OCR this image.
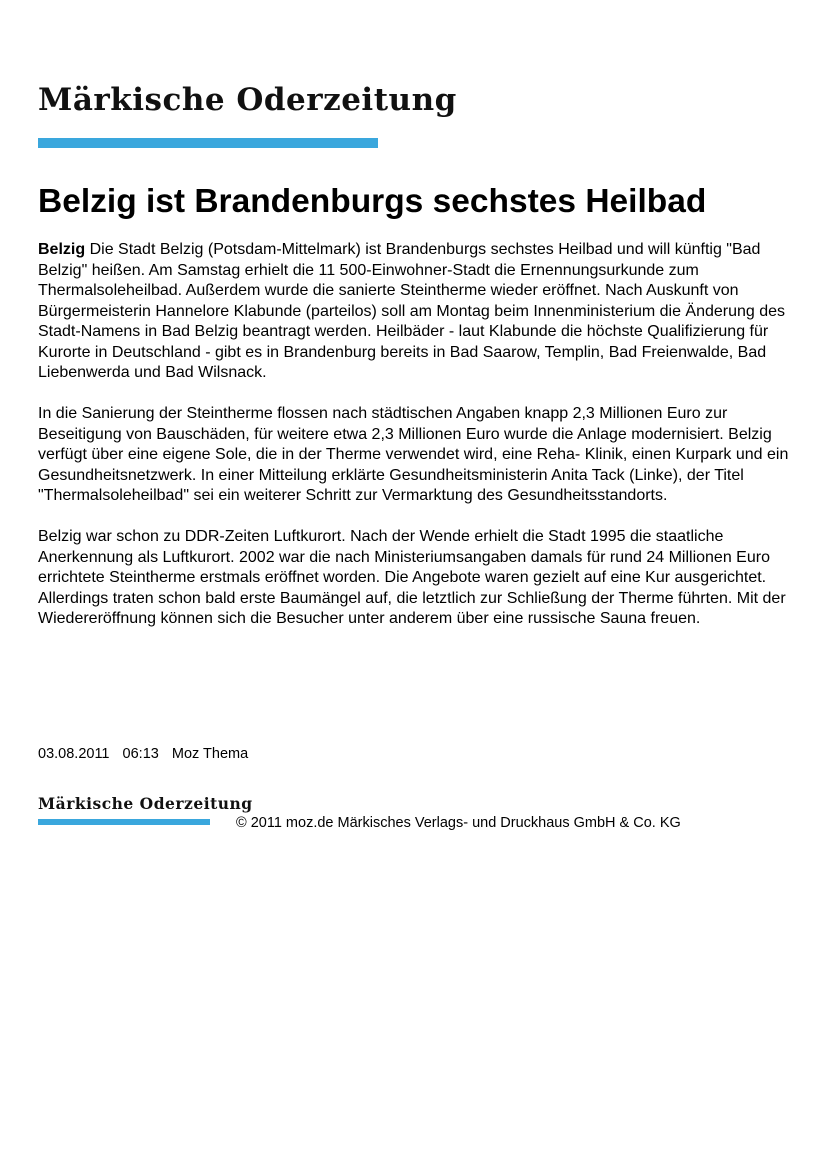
Märkische Oderzeitung
Belzig ist Brandenburgs sechstes Heilbad

Belzig Die Stadt Belzig (Potsdam-Mittelmark) ist Brandenburgs sechstes Heilbad und will künftig "Bad Belzig" heißen. Am Samstag erhielt die 11 500-Einwohner-Stadt die Ernennungsurkunde zum Thermalsoleheilbad. Außerdem wurde die sanierte Steintherme wieder eröffnet. Nach Auskunft von Bürgermeisterin Hannelore Klabunde (parteilos) soll am Montag beim Innenministerium die Änderung des Stadt-Namens in Bad Belzig beantragt werden. Heilbäder - laut Klabunde die höchste Qualifizierung für Kurorte in Deutschland - gibt es in Brandenburg bereits in Bad Saarow, Templin, Bad Freienwalde, Bad Liebenwerda und Bad Wilsnack.

In die Sanierung der Steintherme flossen nach städtischen Angaben knapp 2,3 Millionen Euro zur Beseitigung von Bauschäden, für weitere etwa 2,3 Millionen Euro wurde die Anlage modernisiert. Belzig verfügt über eine eigene Sole, die in der Therme verwendet wird, eine Reha- Klinik, einen Kurpark und ein Gesundheitsnetzwerk. In einer Mitteilung erklärte Gesundheitsministerin Anita Tack (Linke), der Titel "Thermalsoleheilbad" sei ein weiterer Schritt zur Vermarktung des Gesundheitsstandorts.

Belzig war schon zu DDR-Zeiten Luftkurort. Nach der Wende erhielt die Stadt 1995 die staatliche Anerkennung als Luftkurort. 2002 war die nach Ministeriumsangaben damals für rund 24 Millionen Euro errichtete Steintherme erstmals eröffnet worden. Die Angebote waren gezielt auf eine Kur ausgerichtet. Allerdings traten schon bald erste Baumängel auf, die letztlich zur Schließung der Therme führten. Mit der Wiedereröffnung können sich die Besucher unter anderem über eine russische Sauna freuen.

03.08.2011 06:13 Moz Thema
Märkische Oderzeitung
© 2011 moz.de Märkisches Verlags- und Druckhaus GmbH & Co. KG
